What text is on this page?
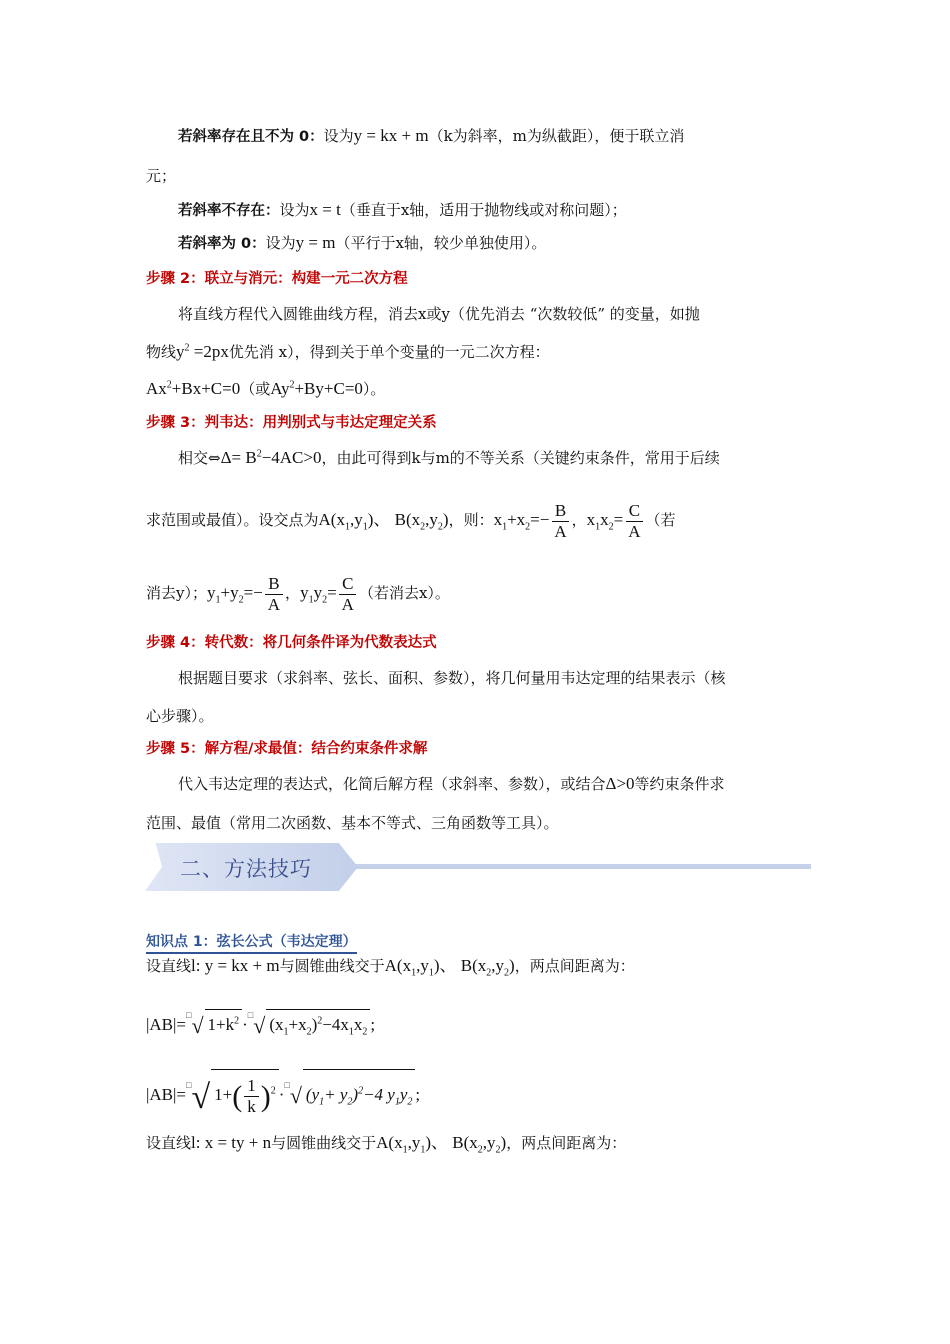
若斜率存在且不为 0：设为y = kx + m（k为斜率，m为纵截距），便于联立消
元；
若斜率不存在：设为x = t（垂直于x轴，适用于抛物线或对称问题）；
若斜率为 0：设为y = m（平行于x轴，较少单独使用）。
步骤 2：联立与消元：构建一元二次方程
将直线方程代入圆锥曲线方程，消去x或y（优先消去 “次数较低” 的变量，如抛
物线$y^2 =2px$优先消 x），得到关于单个变量的一元二次方程：
$Ax^2+Bx+C=0$（或$Ay^2+By+C=0$）。
步骤 3：判韦达：用判别式与韦达定理定关系
相交⇔Δ= $B^2-4AC>0$，由此可得到k与m的不等关系（关键约束条件，常用于后续
求范围或最值）。设交点为$A(x_1,y_1)$、 $B(x_2,y_2)$，则：$x_1+x_2=- \frac{B}{A}$ ，$x_1x_2= \frac{C}{A}$ （若
消去y）；$y_1+y_2=- \frac{B}{A}$ ，$y_1y_2= \frac{C}{A}$ （若消去x）。
步骤 4：转代数：将几何条件译为代数表达式
根据题目要求（求斜率、弦长、面积、参数），将几何量用韦达定理的结果表示（核
心步骤）。
步骤 5：解方程/求最值：结合约束条件求解
代入韦达定理的表达式，化简后解方程（求斜率、参数），或结合Δ>0等约束条件求
范围、最值（常用二次函数、基本不等式、三角函数等工具）。
二、方法技巧
知识点 1：弦长公式（韦达定理）
设直线l: y = kx + m与圆锥曲线交于$A(x_1,y_1)$、 $B(x_2,y_2)$，两点间距离为：
|AB|=□√ $1+k^2 \cdot^□√$ $(x_1+x_2)^2-4x_1x_2$ ;
|AB|=□√ $1+( \frac{1}{k} )^2 \cdot^□√$ $(y_1+ y_2)^2-4$ $y_1y_2$ ;
设直线l: x = ty + n与圆锥曲线交于$A(x_1,y_1)$、 $B(x_2,y_2)$，两点间距离为：
